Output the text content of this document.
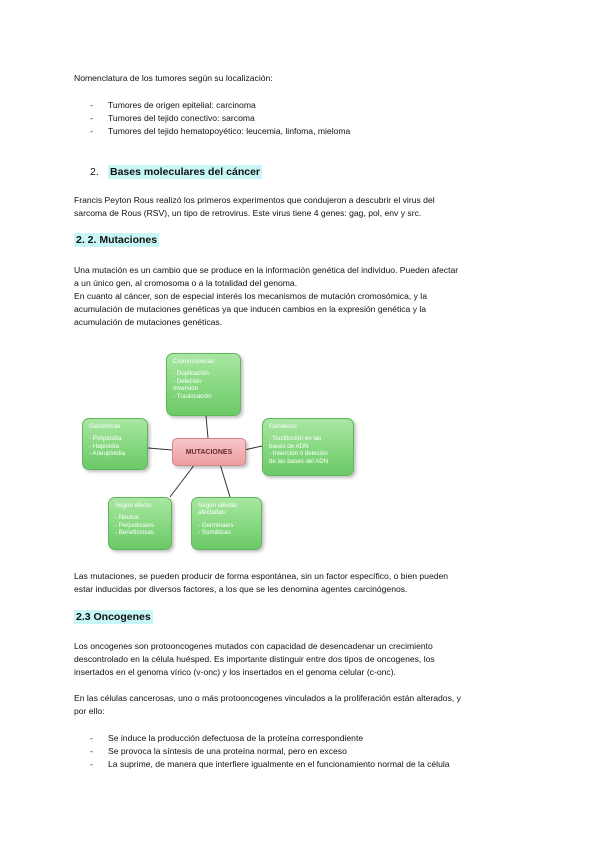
Nomenclatura de los tumores según su localización:
- Tumores de origen epitelial: carcinoma
- Tumores del tejido conectivo: sarcoma
- Tumores del tejido hematopoyético: leucemia, linfoma, mieloma
2. Bases moleculares del cáncer
Francis Peyton Rous realizó los primeros experimentos que condujeron a descubrir el virus del
sarcoma de Rous (RSV), un tipo de retrovirus. Este virus tiene 4 genes: gag, pol, env y src.
2. 2. Mutaciones
Una mutación es un cambio que se produce en la información genética del individuo. Pueden afectar
a un único gen, al cromosoma o a la totalidad del genoma.
En cuanto al cáncer, son de especial interés los mecanismos de mutación cromosómica, y la
acumulación de mutaciones genéticas ya que inducen cambios en la expresión genética y la
acumulación de mutaciones genéticas.
Cromosómicas
- Duplicación
- Deleción
Inversión
- Traslocación
Genómicas
- Poliploidía
- Haploidía
- Aneuploidía	MUTACIONES
Genéticas
- Sustitución en las
bases de ADN
- Inserción o deleción
de las bases del ADN
Según efecto
- Neutral
- Perjudiciales
- Beneficiosas
Según células afectadas:
- Germinales
- Somáticas
Las mutaciones, se pueden producir de forma espontánea, sin un factor específico, o bien pueden
estar inducidas por diversos factores, a los que se les denomina agentes carcinógenos.
2.3 Oncogenes
Los oncogenes son protooncogenes mutados con capacidad de desencadenar un crecimiento
descontrolado en la célula huésped. Es importante distinguir entre dos tipos de oncogenes, los
insertados en el genoma vírico (v-onc) y los insertados en el genoma celular (c-onc).
En las células cancerosas, uno o más protooncogenes vinculados a la proliferación están alterados, y
por ello:
- Se induce la producción defectuosa de la proteína correspondiente
- Se provoca la síntesis de una proteína normal, pero en exceso
- La suprime, de manera que interfiere igualmente en el funcionamiento normal de la célula
